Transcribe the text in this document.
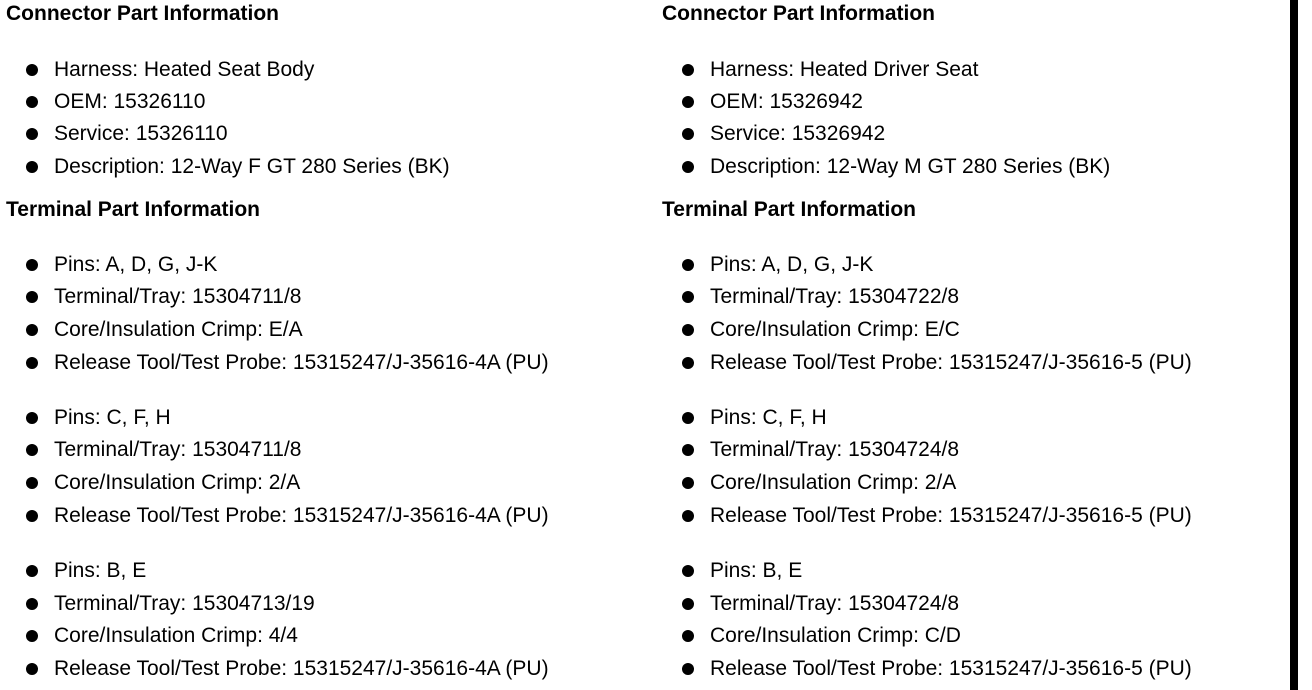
Connector Part Information
Harness: Heated Seat Body
OEM: 15326110
Service: 15326110
Description: 12-Way F GT 280 Series (BK)
Terminal Part Information
Pins: A, D, G, J-K
Terminal/Tray: 15304711/8
Core/Insulation Crimp: E/A
Release Tool/Test Probe: 15315247/J-35616-4A (PU)
Pins: C, F, H
Terminal/Tray: 15304711/8
Core/Insulation Crimp: 2/A
Release Tool/Test Probe: 15315247/J-35616-4A (PU)
Pins: B, E
Terminal/Tray: 15304713/19
Core/Insulation Crimp: 4/4
Release Tool/Test Probe: 15315247/J-35616-4A (PU)
Connector Part Information
Harness: Heated Driver Seat
OEM: 15326942
Service: 15326942
Description: 12-Way M GT 280 Series (BK)
Terminal Part Information
Pins: A, D, G, J-K
Terminal/Tray: 15304722/8
Core/Insulation Crimp: E/C
Release Tool/Test Probe: 15315247/J-35616-5 (PU)
Pins: C, F, H
Terminal/Tray: 15304724/8
Core/Insulation Crimp: 2/A
Release Tool/Test Probe: 15315247/J-35616-5 (PU)
Pins: B, E
Terminal/Tray: 15304724/8
Core/Insulation Crimp: C/D
Release Tool/Test Probe: 15315247/J-35616-5 (PU)
